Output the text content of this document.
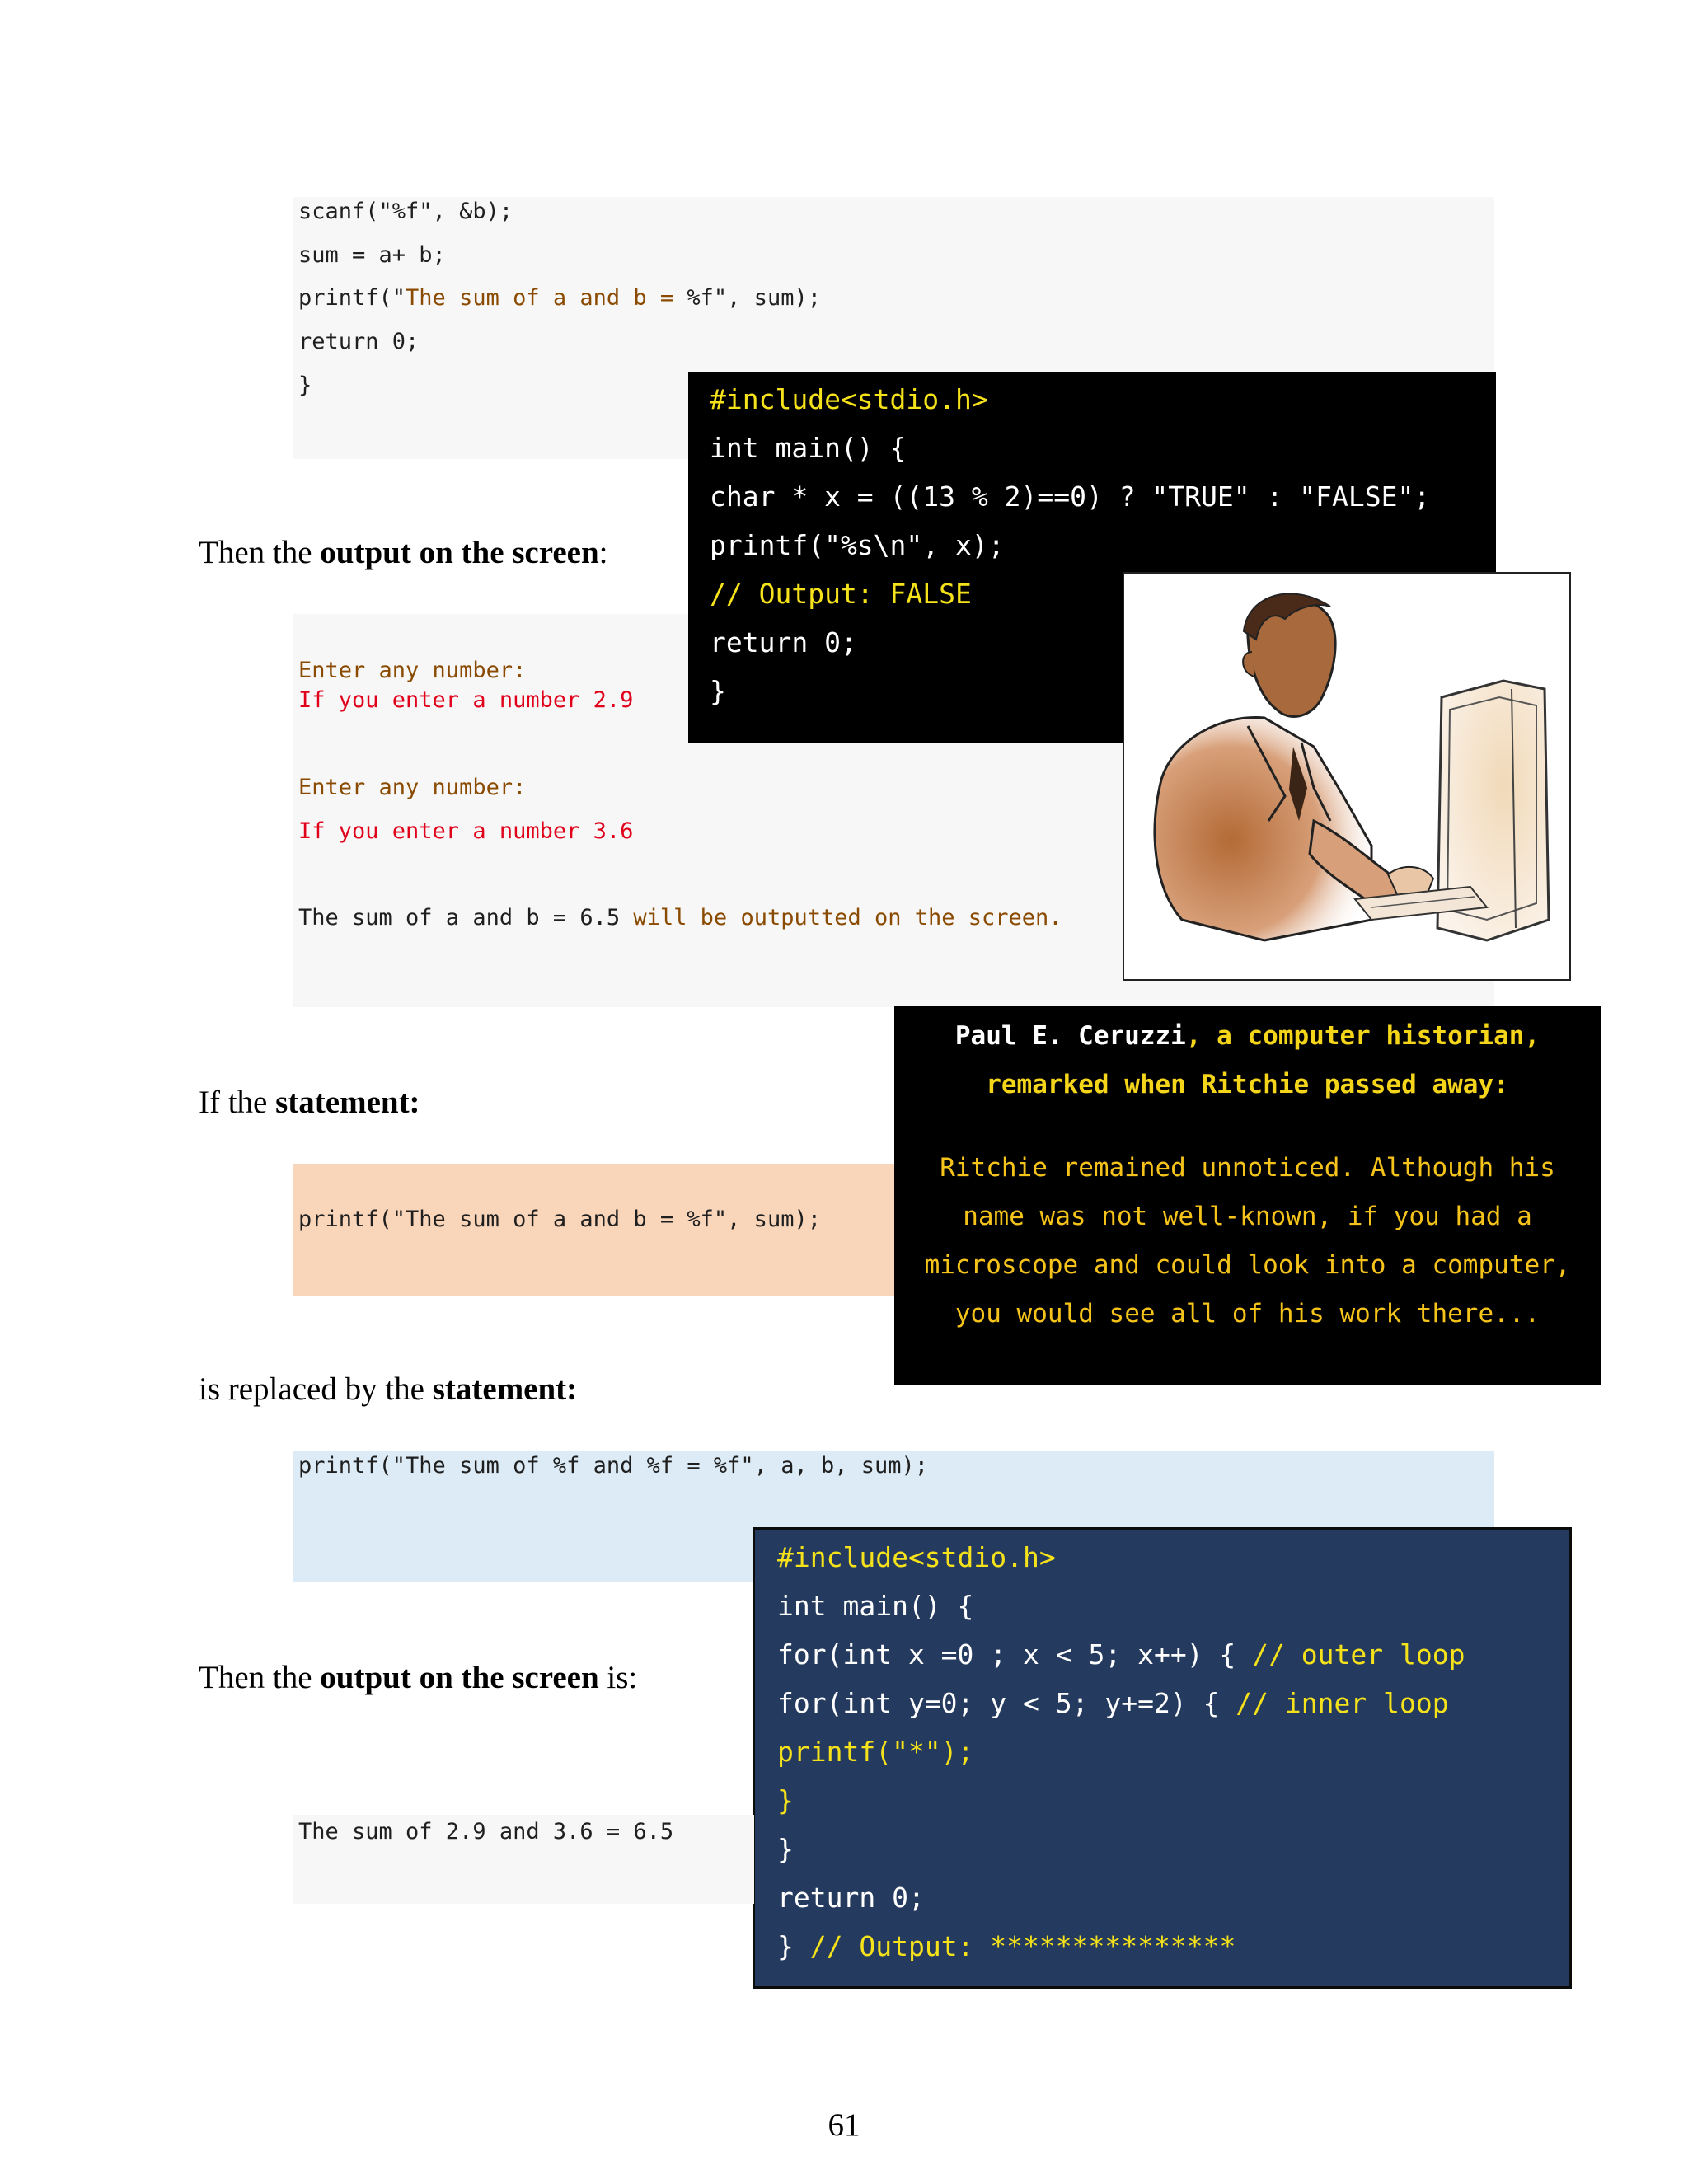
scanf("%f", &b);
sum = a+ b;
printf("The sum of a and b = %f", sum);
return 0;
}
Then the output on the screen:
Enter any number:
If you enter a number 2.9
Enter any number:
If you enter a number 3.6
The sum of a and b = 6.5 will be outputted on the screen.
#include<stdio.h>
int main() {
char * x = ((13 % 2)==0) ? "TRUE" : "FALSE";
printf("%s\n", x);
// Output: FALSE
return 0;
}
If the statement:
printf("The sum of a and b = %f", sum);
Paul E. Ceruzzi, a computer historian,
remarked when Ritchie passed away:
Ritchie remained unnoticed. Although his
name was not well-known, if you had a
microscope and could look into a computer,
you would see all of his work there...
is replaced by the statement:
printf("The sum of %f and %f = %f", a, b, sum);
#include<stdio.h>
int main() {
for(int x =0 ; x < 5; x++) { // outer loop
for(int y=0; y < 5; y+=2) { // inner loop
printf("*");
}
}
return 0;
} // Output: ***************
Then the output on the screen is:
The sum of 2.9 and 3.6 = 6.5
61
